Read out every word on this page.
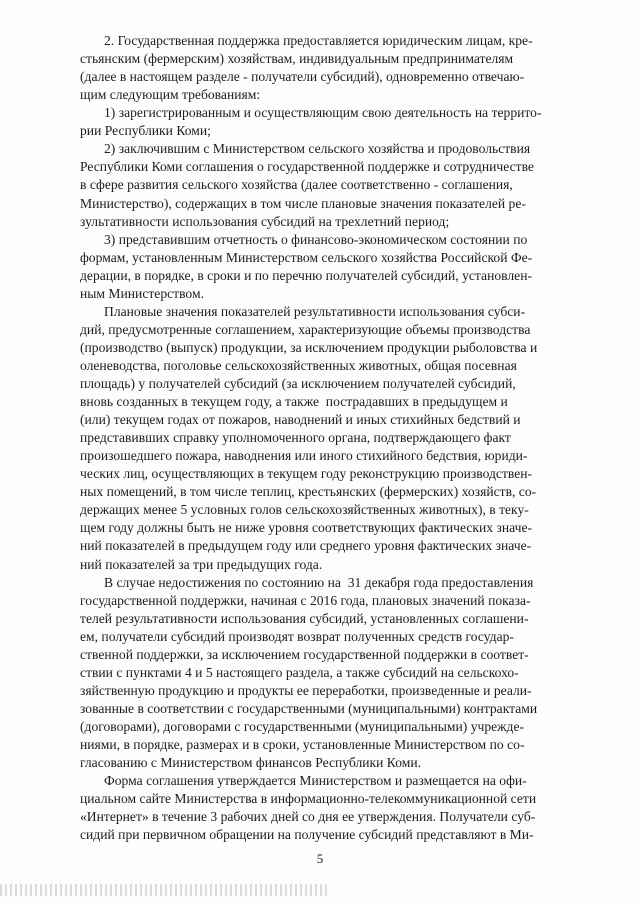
2. Государственная поддержка предоставляется юридическим лицам, кре-
стьянским (фермерским) хозяйствам, индивидуальным предпринимателям
(далее в настоящем разделе - получатели субсидий), одновременно отвечаю-
щим следующим требованиям:
1) зарегистрированным и осуществляющим свою деятельность на террито-
рии Республики Коми;
2) заключившим с Министерством сельского хозяйства и продовольствия
Республики Коми соглашения о государственной поддержке и сотрудничестве
в сфере развития сельского хозяйства (далее соответственно - соглашения,
Министерство), содержащих в том числе плановые значения показателей ре-
зультативности использования субсидий на трехлетний период;
3) представившим отчетность о финансово-экономическом состоянии по
формам, установленным Министерством сельского хозяйства Российской Фе-
дерации, в порядке, в сроки и по перечню получателей субсидий, установлен-
ным Министерством.
Плановые значения показателей результативности использования субси-
дий, предусмотренные соглашением, характеризующие объемы производства
(производство (выпуск) продукции, за исключением продукции рыболовства и
оленеводства, поголовье сельскохозяйственных животных, общая посевная
площадь) у получателей субсидий (за исключением получателей субсидий,
вновь созданных в текущем году, а также  пострадавших в предыдущем и
(или) текущем годах от пожаров, наводнений и иных стихийных бедствий и
представивших справку уполномоченного органа, подтверждающего факт
произошедшего пожара, наводнения или иного стихийного бедствия, юриди-
ческих лиц, осуществляющих в текущем году реконструкцию производствен-
ных помещений, в том числе теплиц, крестьянских (фермерских) хозяйств, со-
держащих менее 5 условных голов сельскохозяйственных животных), в теку-
щем году должны быть не ниже уровня соответствующих фактических значе-
ний показателей в предыдущем году или среднего уровня фактических значе-
ний показателей за три предыдущих года.
В случае недостижения по состоянию на  31 декабря года предоставления
государственной поддержки, начиная с 2016 года, плановых значений показа-
телей результативности использования субсидий, установленных соглашени-
ем, получатели субсидий производят возврат полученных средств государ-
ственной поддержки, за исключением государственной поддержки в соответ-
ствии с пунктами 4 и 5 настоящего раздела, а также субсидий на сельскохо-
зяйственную продукцию и продукты ее переработки, произведенные и реали-
зованные в соответствии с государственными (муниципальными) контрактами
(договорами), договорами с государственными (муниципальными) учрежде-
ниями, в порядке, размерах и в сроки, установленные Министерством по со-
гласованию с Министерством финансов Республики Коми.
Форма соглашения утверждается Министерством и размещается на офи-
циальном сайте Министерства в информационно-телекоммуникационной сети
«Интернет» в течение 3 рабочих дней со дня ее утверждения. Получатели суб-
сидий при первичном обращении на получение субсидий представляют в Ми-
5
